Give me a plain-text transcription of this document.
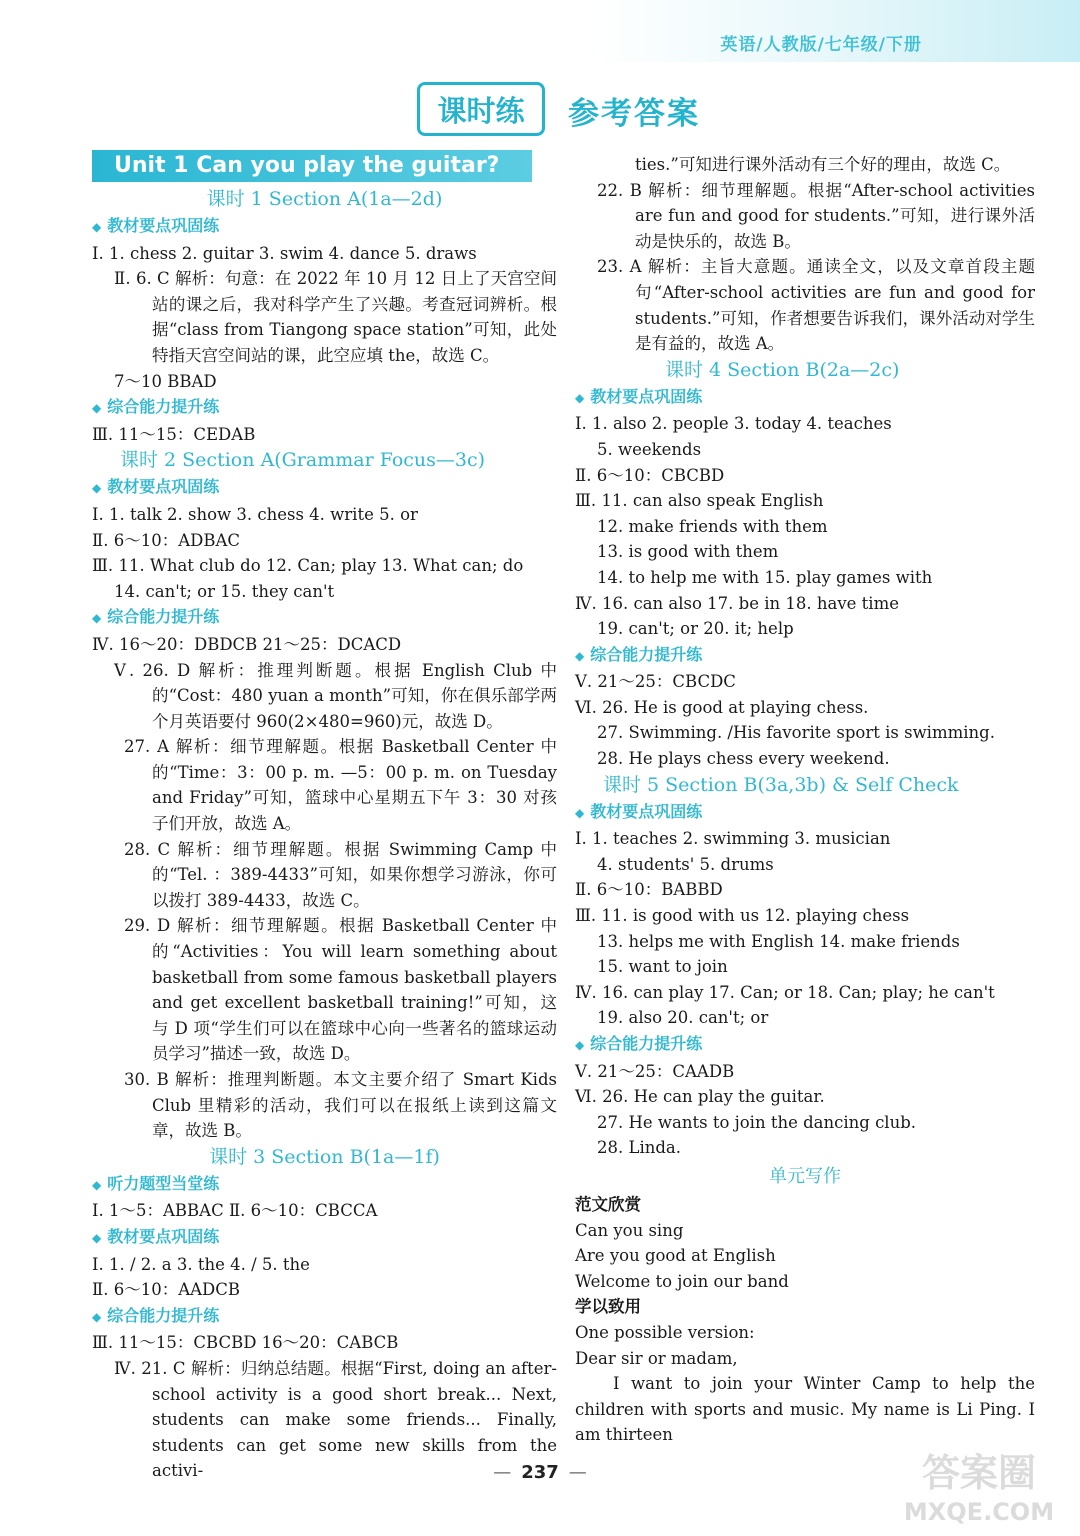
英语/人教版/七年级/下册
课时练	参考答案
Unit 1 Can you play the guitar?
课时 1 Section A(1a—2d)
◆ 教材要点巩固练
Ⅰ. 1. chess 2. guitar 3. swim 4. dance 5. draws
Ⅱ. 6. C 解析：句意：在 2022 年 10 月 12 日上了天宫空间站的课之后，我对科学产生了兴趣。考查冠词辨析。根据“class from Tiangong space station”可知，此处特指天宫空间站的课，此空应填 the，故选 C。
7～10 BBAD
◆ 综合能力提升练
Ⅲ. 11～15：CEDAB
课时 2 Section A(Grammar Focus—3c)
◆ 教材要点巩固练
Ⅰ. 1. talk 2. show 3. chess 4. write 5. or
Ⅱ. 6～10：ADBAC
Ⅲ. 11. What club do 12. Can; play 13. What can; do
14. can't; or 15. they can't
◆ 综合能力提升练
Ⅳ. 16～20：DBDCB 21～25：DCACD
Ⅴ. 26. D 解析：推理判断题。根据 English Club 中的“Cost：480 yuan a month”可知，你在俱乐部学两个月英语要付 960(2×480=960)元，故选 D。
27. A 解析：细节理解题。根据 Basketball Center 中的“Time：3：00 p. m. —5：00 p. m. on Tuesday and Friday”可知，篮球中心星期五下午 3：30 对孩子们开放，故选 A。
28. C 解析：细节理解题。根据 Swimming Camp 中的“Tel. ：389-4433”可知，如果你想学习游泳，你可以拨打 389-4433，故选 C。
29. D 解析：细节理解题。根据 Basketball Center 中的“Activities：You will learn something about basketball from some famous basketball players and get excellent basketball training!”可知，这与 D 项“学生们可以在篮球中心向一些著名的篮球运动员学习”描述一致，故选 D。
30. B 解析：推理判断题。本文主要介绍了 Smart Kids Club 里精彩的活动，我们可以在报纸上读到这篇文章，故选 B。
课时 3 Section B(1a—1f)
◆ 听力题型当堂练
Ⅰ. 1～5：ABBAC Ⅱ. 6～10：CBCCA
◆ 教材要点巩固练
Ⅰ. 1. / 2. a 3. the 4. / 5. the
Ⅱ. 6～10：AADCB
◆ 综合能力提升练
Ⅲ. 11～15：CBCBD 16～20：CABCB
Ⅳ. 21. C 解析：归纳总结题。根据“First, doing an after-school activity is a good short break... Next, students can make some friends... Finally, students can get some new skills from the activi-
ties.”可知进行课外活动有三个好的理由，故选 C。
22. B 解析：细节理解题。根据“After-school activities are fun and good for students.”可知，进行课外活动是快乐的，故选 B。
23. A 解析：主旨大意题。通读全文，以及文章首段主题句“After-school activities are fun and good for students.”可知，作者想要告诉我们，课外活动对学生是有益的，故选 A。
课时 4 Section B(2a—2c)
◆ 教材要点巩固练
Ⅰ. 1. also 2. people 3. today 4. teaches
5. weekends
Ⅱ. 6～10：CBCBD
Ⅲ. 11. can also speak English
12. make friends with them
13. is good with them
14. to help me with 15. play games with
Ⅳ. 16. can also 17. be in 18. have time
19. can't; or 20. it; help
◆ 综合能力提升练
Ⅴ. 21～25：CBCDC
Ⅵ. 26. He is good at playing chess.
27. Swimming. /His favorite sport is swimming.
28. He plays chess every weekend.
课时 5 Section B(3a,3b) & Self Check
◆ 教材要点巩固练
Ⅰ. 1. teaches 2. swimming 3. musician
4. students' 5. drums
Ⅱ. 6～10：BABBD
Ⅲ. 11. is good with us 12. playing chess
13. helps me with English 14. make friends
15. want to join
Ⅳ. 16. can play 17. Can; or 18. Can; play; he can't
19. also 20. can't; or
◆ 综合能力提升练
Ⅴ. 21～25：CAADB
Ⅵ. 26. He can play the guitar.
27. He wants to join the dancing club.
28. Linda.
单元写作
范文欣赏
Can you sing
Are you good at English
Welcome to join our band
学以致用
One possible version:
Dear sir or madam,
I want to join your Winter Camp to help the children with sports and music. My name is Li Ping. I am thirteen
— 237 —	答案圈
MXQE.COM
